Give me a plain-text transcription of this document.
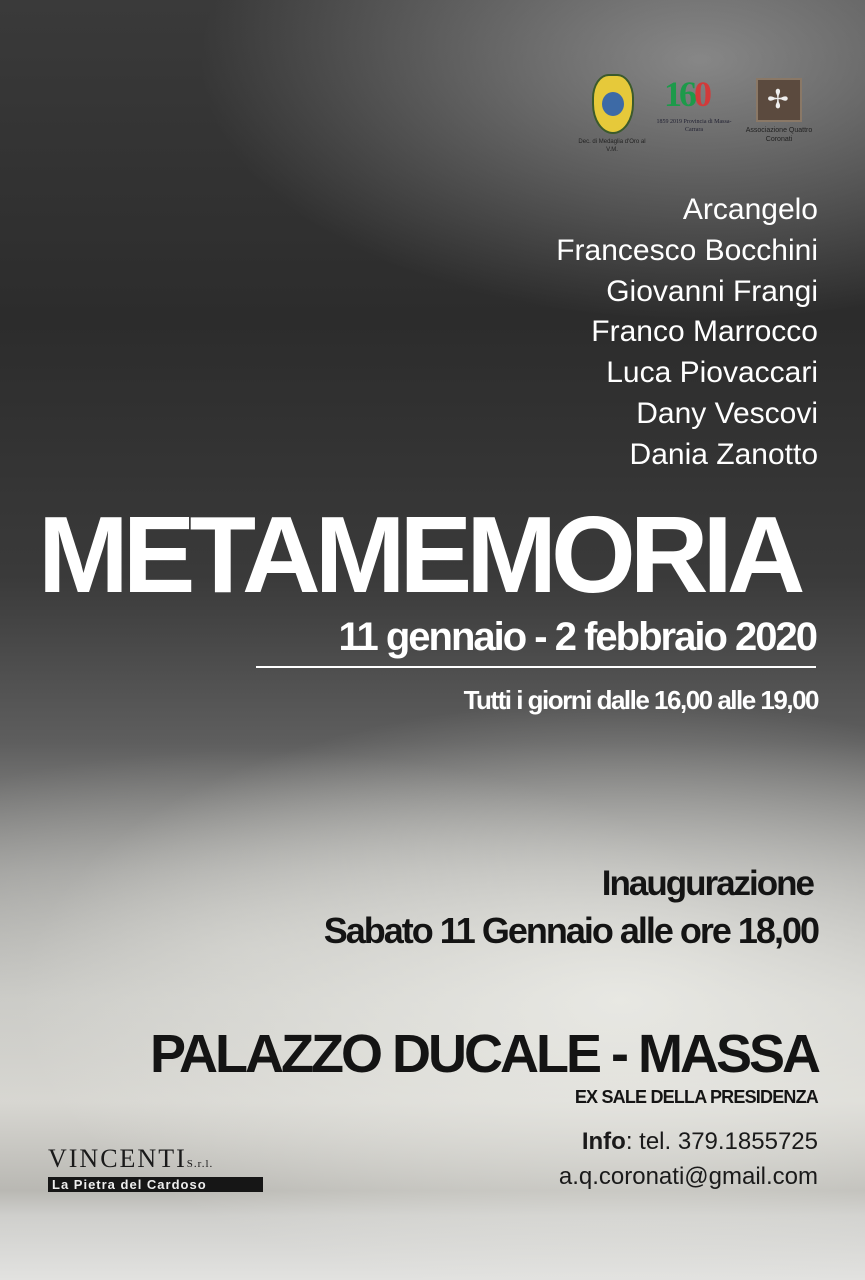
Dec. di Medaglia d'Oro al V.M.
160
1859 2019 Provincia di Massa-Carrara
✢	Associazione Quattro Coronati
Arcangelo
Francesco Bocchini
Giovanni Frangi
Franco Marrocco
Luca Piovaccari
Dany Vescovi
Dania Zanotto
METAMEMORIA
11 gennaio - 2 febbraio 2020
Tutti i giorni dalle 16,00 alle 19,00
Inaugurazione
Sabato 11 Gennaio alle ore 18,00
PALAZZO DUCALE - MASSA
EX SALE DELLA PRESIDENZA
Info: tel. 379.1855725
a.q.coronati@gmail.com
VINCENTIS.r.l.
La Pietra del Cardoso
